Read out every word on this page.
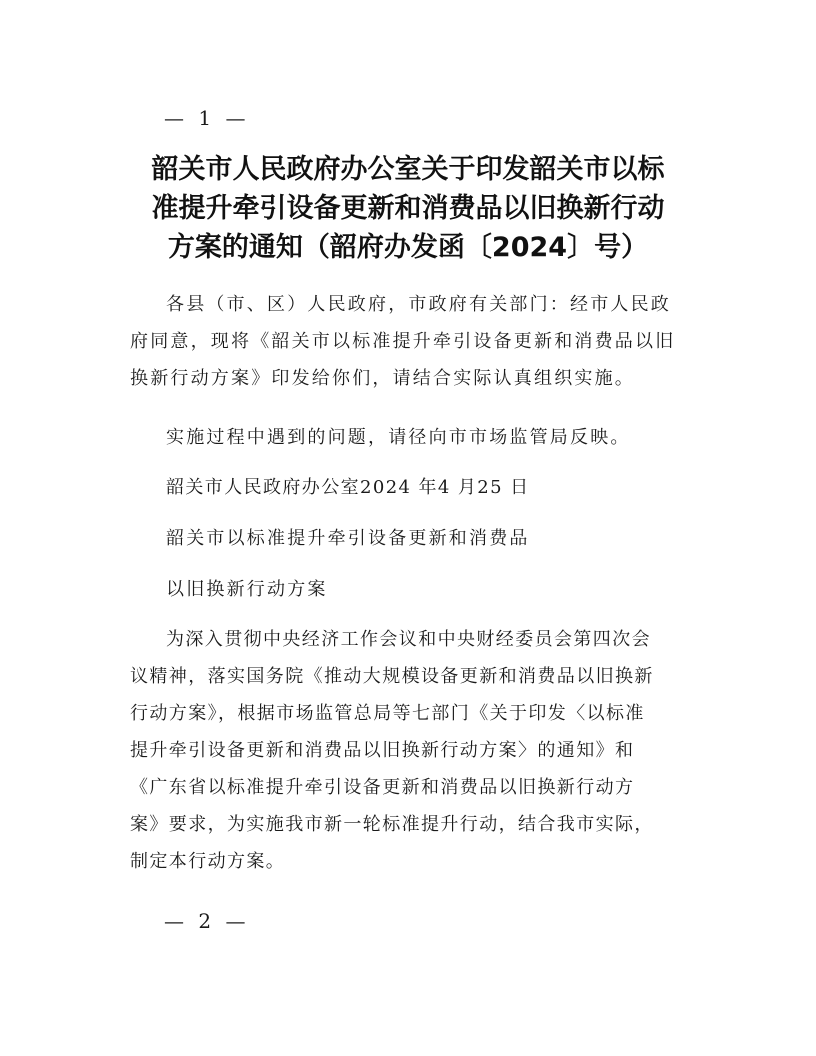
— 1 —
韶关市人民政府办公室关于印发韶关市以标
准提升牵引设备更新和消费品以旧换新行动
方案的通知（韶府办发函〔2024〕号）

各县（市、区）人民政府，市政府有关部门：经市人民政
府同意，现将《韶关市以标准提升牵引设备更新和消费品以旧
换新行动方案》印发给你们，请结合实际认真组织实施。

实施过程中遇到的问题，请径向市市场监管局反映。

韶关市人民政府办公室2024 年4 月25 日

韶关市以标准提升牵引设备更新和消费品

以旧换新行动方案

为深入贯彻中央经济工作会议和中央财经委员会第四次会
议精神，落实国务院《推动大规模设备更新和消费品以旧换新
行动方案》，根据市场监管总局等七部门《关于印发〈以标准
提升牵引设备更新和消费品以旧换新行动方案〉的通知》和
《广东省以标准提升牵引设备更新和消费品以旧换新行动方
案》要求，为实施我市新一轮标准提升行动，结合我市实际，
制定本行动方案。

— 2 —
